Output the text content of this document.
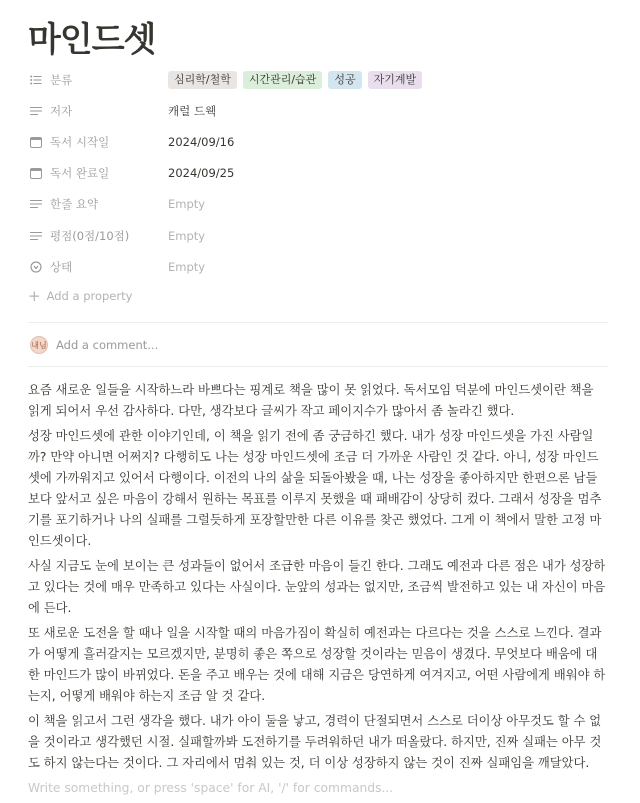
마인드셋
분류	심리학/철학	시간관리/습관	성공	자기계발
저자	캐럴 드웩
독서 시작일	2024/09/16
독서 완료일	2024/09/25
한줄 요약	Empty
평점(0점/10점)	Empty
상태	Empty
+ Add a property
내님 Add a comment...

요즘 새로운 일들을 시작하느라 바쁘다는 핑계로 책을 많이 못 읽었다. 독서모임 덕분에 마인드셋이란 책을 읽게 되어서 우선 감사하다. 다만, 생각보다 글씨가 작고 페이지수가 많아서 좀 놀라긴 했다.

성장 마인드셋에 관한 이야기인데, 이 책을 읽기 전에 좀 궁금하긴 했다. 내가 성장 마인드셋을 가진 사람일까? 만약 아니면 어쩌지? 다행히도 나는 성장 마인드셋에 조금 더 가까운 사람인 것 같다. 아니, 성장 마인드셋에 가까워지고 있어서 다행이다. 이전의 나의 삶을 되돌아봤을 때, 나는 성장을 좋아하지만 한편으론 남들보다 앞서고 싶은 마음이 강해서 원하는 목표를 이루지 못했을 때 패배감이 상당히 컸다. 그래서 성장을 멈추기를 포기하거나 나의 실패를 그럴듯하게 포장할만한 다른 이유를 찾곤 했었다. 그게 이 책에서 말한 고정 마인드셋이다.

사실 지금도 눈에 보이는 큰 성과들이 없어서 조급한 마음이 들긴 한다. 그래도 예전과 다른 점은 내가 성장하고 있다는 것에 매우 만족하고 있다는 사실이다. 눈앞의 성과는 없지만, 조금씩 발전하고 있는 내 자신이 마음에 든다.

또 새로운 도전을 할 때나 일을 시작할 때의 마음가짐이 확실히 예전과는 다르다는 것을 스스로 느낀다. 결과가 어떻게 흘러갈지는 모르겠지만, 분명히 좋은 쪽으로 성장할 것이라는 믿음이 생겼다. 무엇보다 배움에 대한 마인드가 많이 바뀌었다. 돈을 주고 배우는 것에 대해 지금은 당연하게 여겨지고, 어떤 사람에게 배워야 하는지, 어떻게 배워야 하는지 조금 알 것 같다.

이 책을 읽고서 그런 생각을 했다. 내가 아이 둘을 낳고, 경력이 단절되면서 스스로 더이상 아무것도 할 수 없을 것이라고 생각했던 시절. 실패할까봐 도전하기를 두려워하던 내가 떠올랐다. 하지만, 진짜 실패는 아무 것도 하지 않는다는 것이다. 그 자리에서 멈춰 있는 것, 더 이상 성장하지 않는 것이 진짜 실패임을 깨달았다.

Write something, or press 'space' for AI, '/' for commands...
